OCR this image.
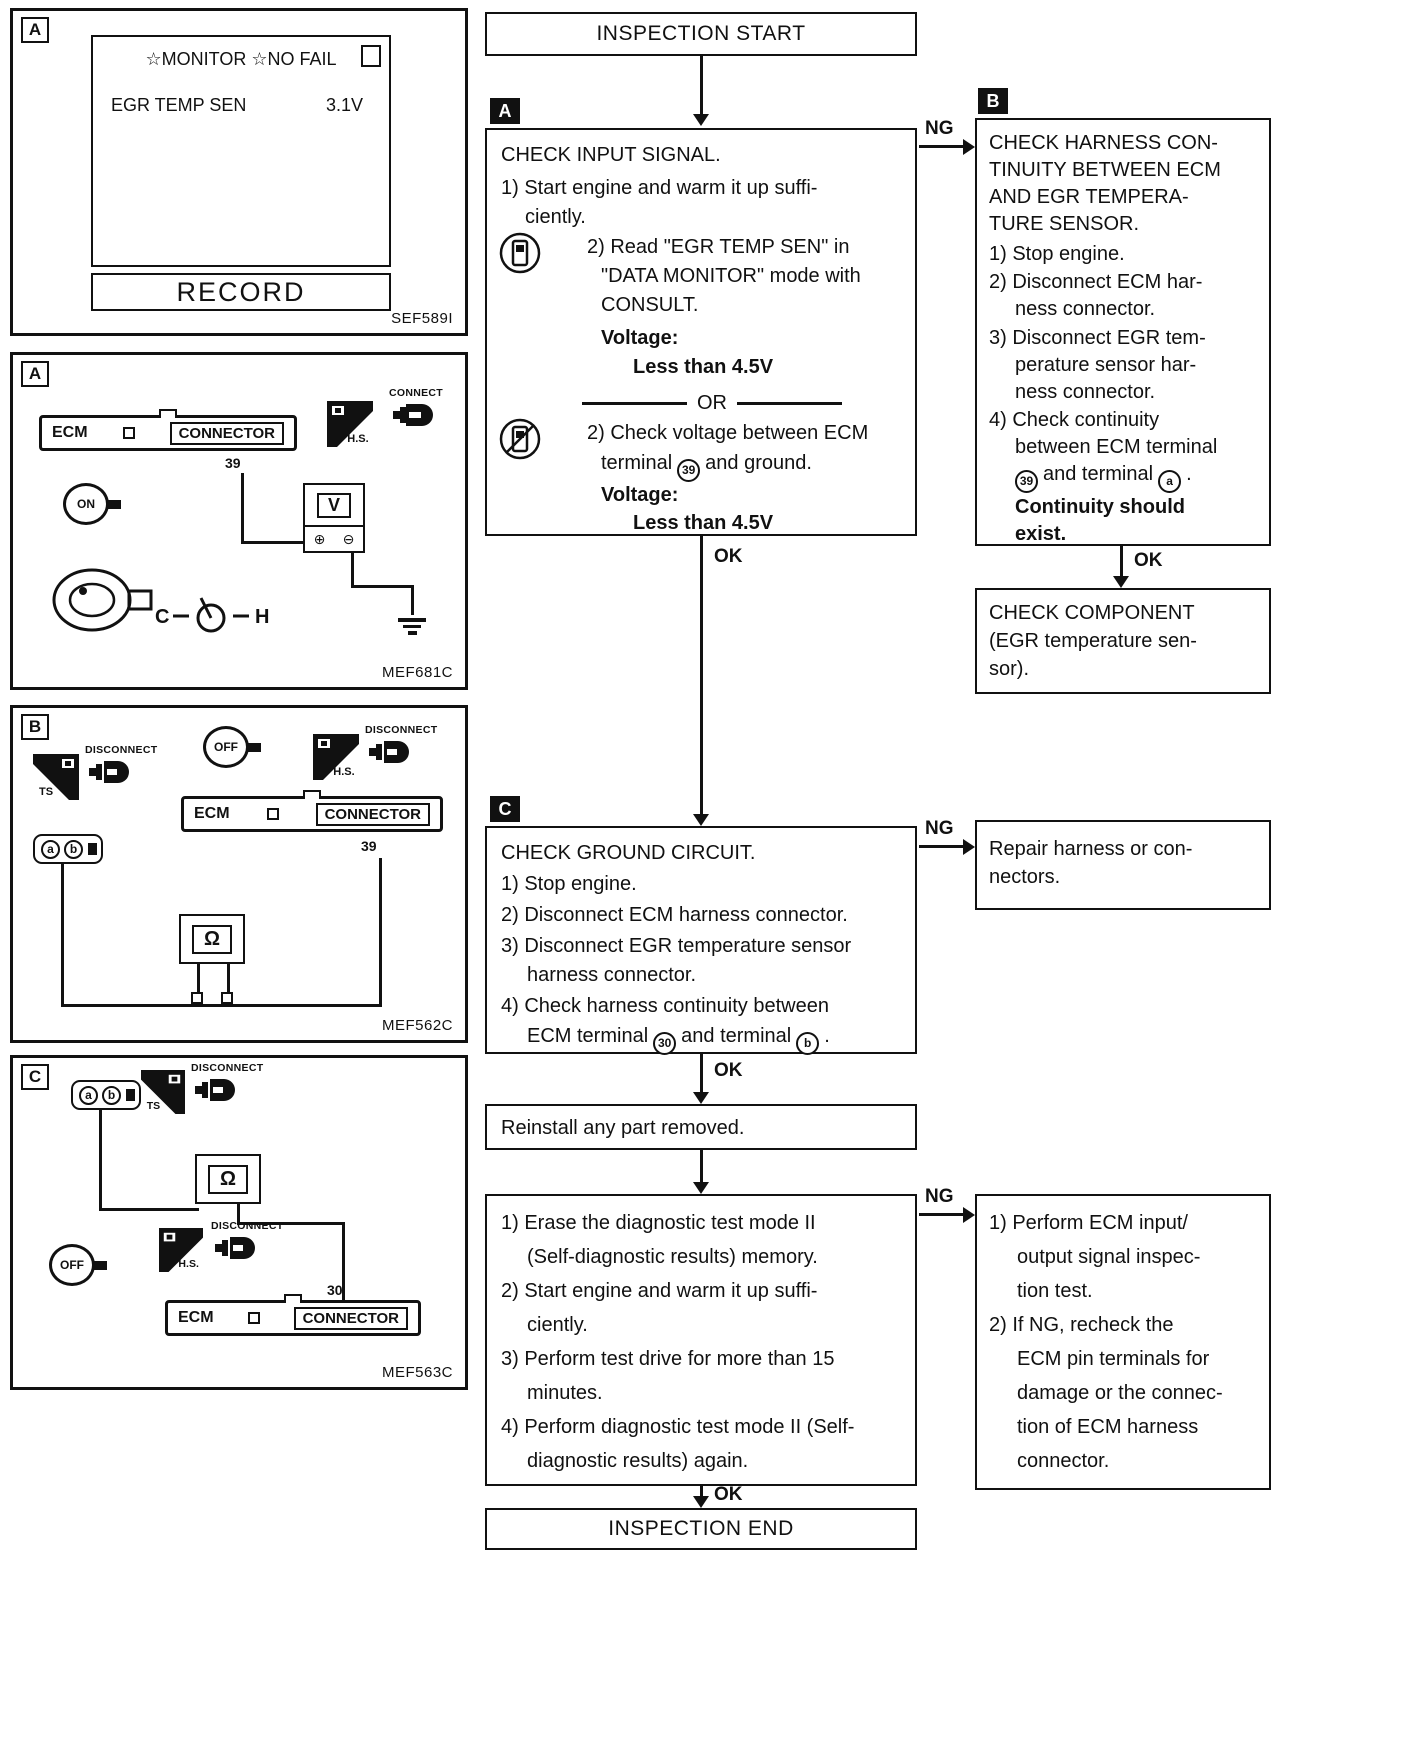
A
☆MONITOR ☆NO FAIL
EGR TEMP SEN	3.1V
RECORD
SEF589I
A
ECM	CONNECTOR
39
H.S.
CONNECT
ON	V
⊕ ⊖
C	H
MEF681C
B
TS
DISCONNECT	OFF
H.S.
DISCONNECT
ECM	CONNECTOR
39
a	b
Ω
MEF562C
C
a	b
TS
DISCONNECT
Ω
OFF	H.S.
DISCONNECT
30
ECM	CONNECTOR
MEF563C
INSPECTION START
A
CHECK INPUT SIGNAL.
1) Start engine and warm it up suffi-
ciently.
2) Read "EGR TEMP SEN" in
"DATA MONITOR" mode with
CONSULT.
Voltage:
Less than 4.5V
OR
2) Check voltage between ECM
terminal 39 and ground.
Voltage:
Less than 4.5V
NG
OK
C
CHECK GROUND CIRCUIT.
1) Stop engine.
2) Disconnect ECM harness connector.
3) Disconnect EGR temperature sensor
harness connector.
4) Check harness continuity between
ECM terminal 30 and terminal b .
NG
OK
Reinstall any part removed.
1) Erase the diagnostic test mode II
(Self-diagnostic results) memory.
2) Start engine and warm it up suffi-
ciently.
3) Perform test drive for more than 15
minutes.
4) Perform diagnostic test mode II (Self-
diagnostic results) again.
NG
OK
INSPECTION END
B
CHECK HARNESS CON-
TINUITY BETWEEN ECM
AND EGR TEMPERA-
TURE SENSOR.
1) Stop engine.
2) Disconnect ECM har-
ness connector.
3) Disconnect EGR tem-
perature sensor har-
ness connector.
4) Check continuity
between ECM terminal
39 and terminal a .
Continuity should
exist.
OK
CHECK COMPONENT
(EGR temperature sen-
sor).
Repair harness or con-
nectors.
1) Perform ECM input/
output signal inspec-
tion test.
2) If NG, recheck the
ECM pin terminals for
damage or the connec-
tion of ECM harness
connector.
